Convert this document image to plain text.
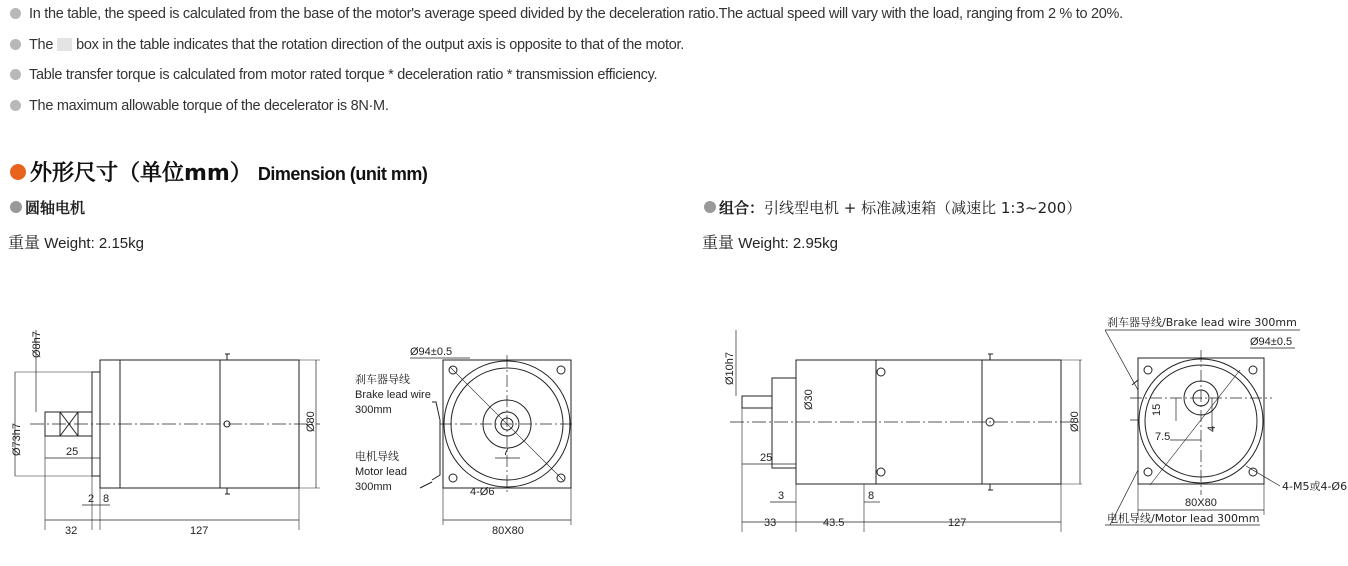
In the table, the speed is calculated from the base of the motor's average speed divided by the deceleration ratio.The actual speed will vary with the load, ranging from 2 % to 20%.
The box in the table indicates that the rotation direction of the output axis is opposite to that of the motor.
Table transfer torque is calculated from motor rated torque * deceleration ratio * transmission efficiency.
The maximum allowable torque of the decelerator is 8N·M.
外形尺寸（单位mm） Dimension (unit mm)
圆轴电机
重量 Weight: 2.15kg
组合：引线型电机 + 标准减速箱（减速比 1:3~200）
重量 Weight: 2.95kg
Ø8h7
Ø73h7
Ø80
25
2 8
32	127
Ø94±0.5
刹车器导线
Brake lead wire
300mm
电机导线
Motor lead
300mm
7
4-Ø6
80X80
Ø10h7
Ø30
Ø80
25
3	8
33	43.5	127
刹车器导线/Brake lead wire 300mm
Ø94±0.5
15
7.5
4
80X80
4-M5或4-Ø6
电机导线/Motor lead 300mm
